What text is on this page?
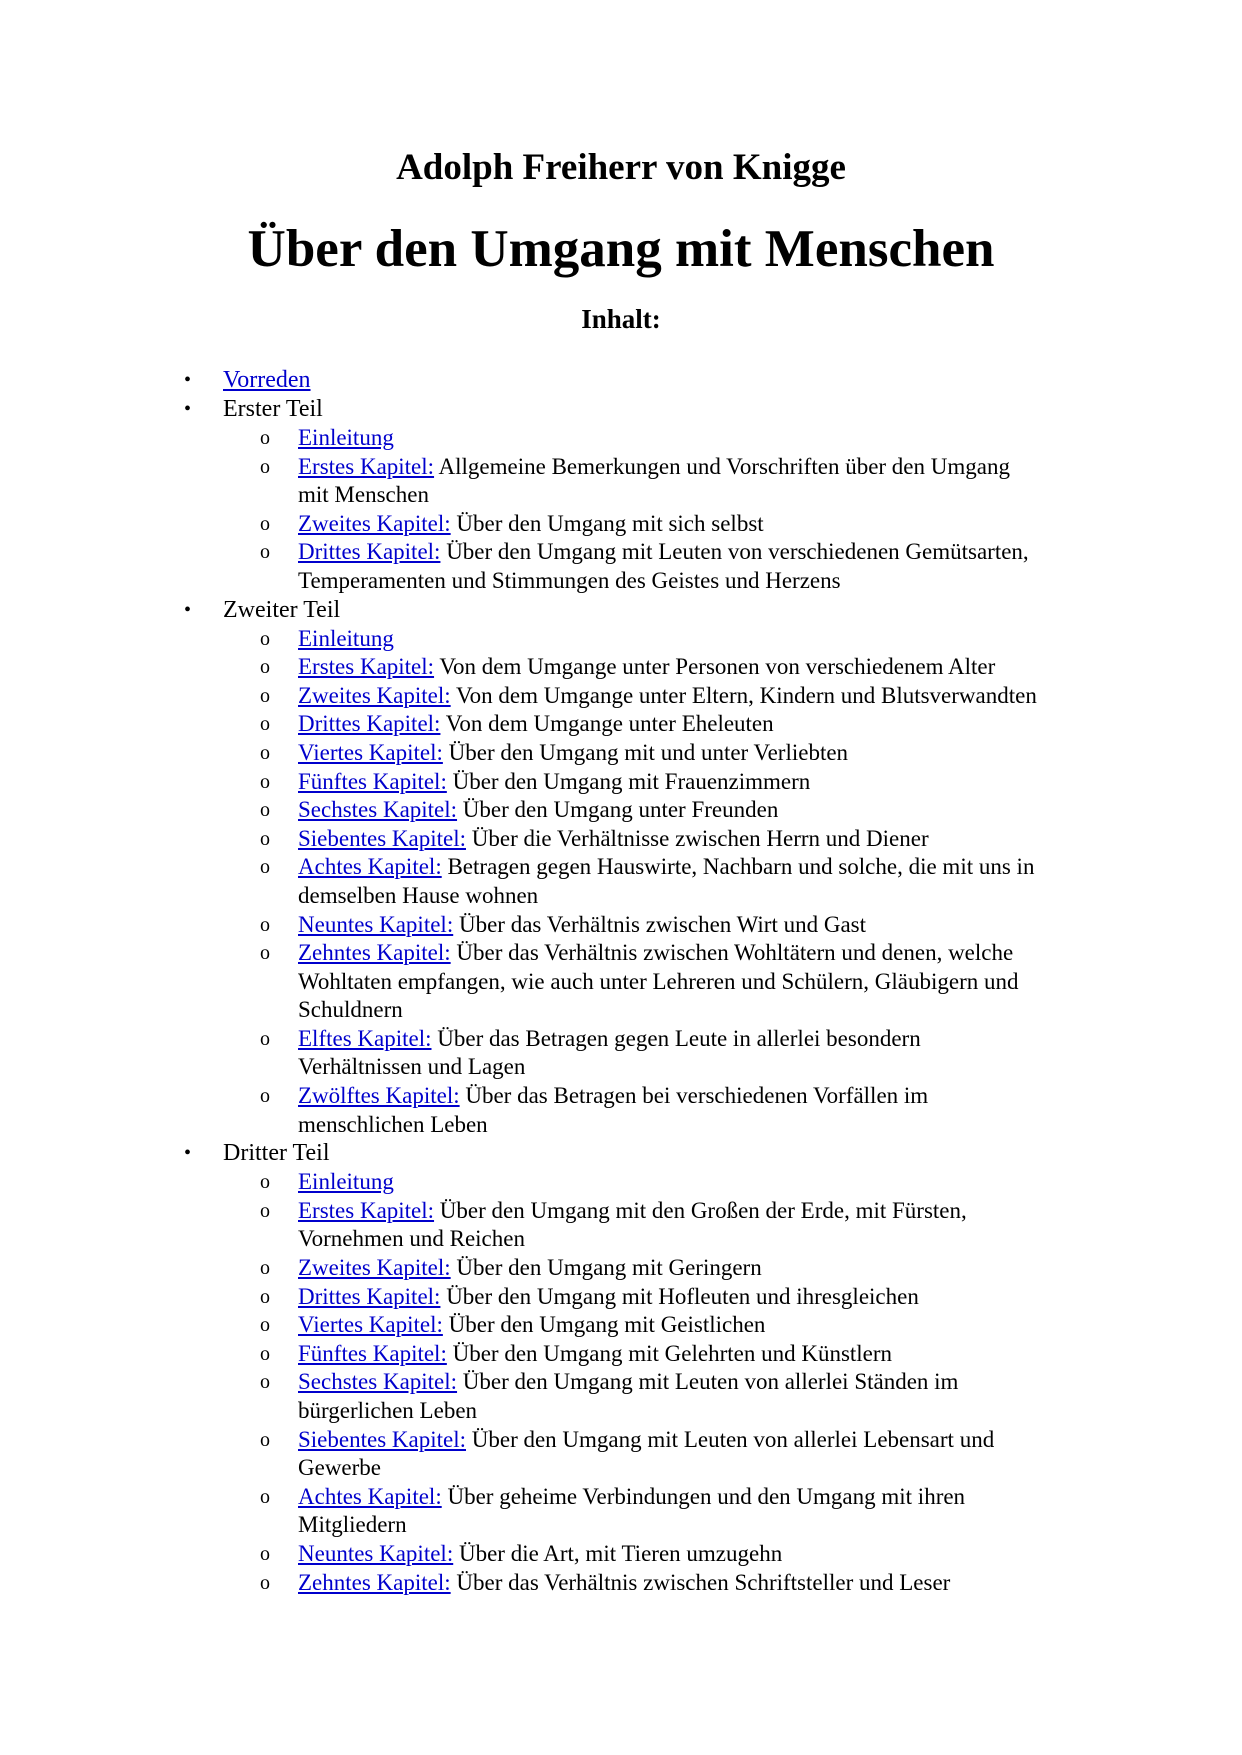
Adolph Freiherr von Knigge
Über den Umgang mit Menschen
Inhalt:
•	Vorreden
•	Erster Teil
o Einleitung
o Erstes Kapitel: Allgemeine Bemerkungen und Vorschriften über den Umgang mit Menschen
o Zweites Kapitel: Über den Umgang mit sich selbst
o Drittes Kapitel: Über den Umgang mit Leuten von verschiedenen Gemütsarten, Temperamenten und Stimmungen des Geistes und Herzens
•	Zweiter Teil
o Einleitung
o Erstes Kapitel: Von dem Umgange unter Personen von verschiedenem Alter
o Zweites Kapitel: Von dem Umgange unter Eltern, Kindern und Blutsverwandten
o Drittes Kapitel: Von dem Umgange unter Eheleuten
o Viertes Kapitel: Über den Umgang mit und unter Verliebten
o Fünftes Kapitel: Über den Umgang mit Frauenzimmern
o Sechstes Kapitel: Über den Umgang unter Freunden
o Siebentes Kapitel: Über die Verhältnisse zwischen Herrn und Diener
o Achtes Kapitel: Betragen gegen Hauswirte, Nachbarn und solche, die mit uns in demselben Hause wohnen
o Neuntes Kapitel: Über das Verhältnis zwischen Wirt und Gast
o Zehntes Kapitel: Über das Verhältnis zwischen Wohltätern und denen, welche Wohltaten empfangen, wie auch unter Lehreren und Schülern, Gläubigern und Schuldnern
o Elftes Kapitel: Über das Betragen gegen Leute in allerlei besondern Verhältnissen und Lagen
o Zwölftes Kapitel: Über das Betragen bei verschiedenen Vorfällen im menschlichen Leben
•	Dritter Teil
o Einleitung
o Erstes Kapitel: Über den Umgang mit den Großen der Erde, mit Fürsten, Vornehmen und Reichen
o Zweites Kapitel: Über den Umgang mit Geringern
o Drittes Kapitel: Über den Umgang mit Hofleuten und ihresgleichen
o Viertes Kapitel: Über den Umgang mit Geistlichen
o Fünftes Kapitel: Über den Umgang mit Gelehrten und Künstlern
o Sechstes Kapitel: Über den Umgang mit Leuten von allerlei Ständen im bürgerlichen Leben
o Siebentes Kapitel: Über den Umgang mit Leuten von allerlei Lebensart und Gewerbe
o Achtes Kapitel: Über geheime Verbindungen und den Umgang mit ihren Mitgliedern
o Neuntes Kapitel: Über die Art, mit Tieren umzugehn
o Zehntes Kapitel: Über das Verhältnis zwischen Schriftsteller und Leser
